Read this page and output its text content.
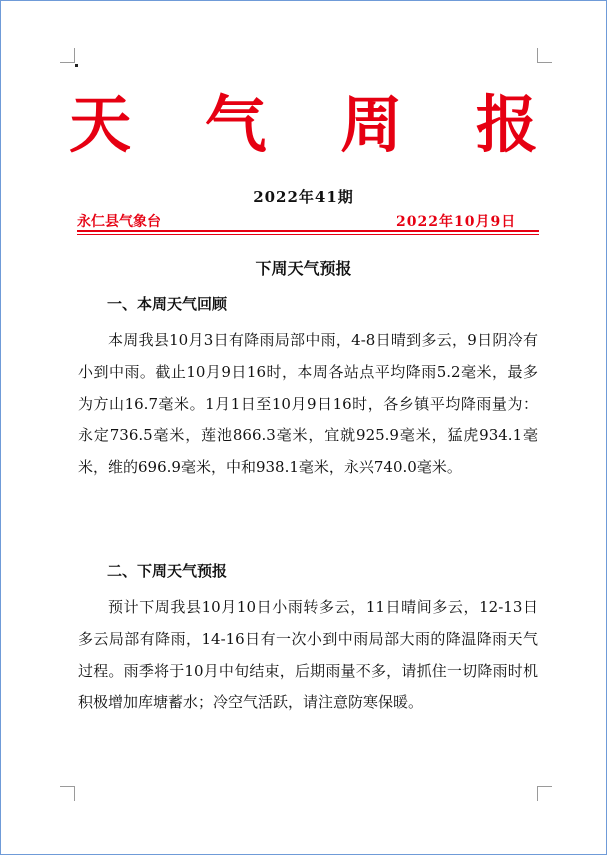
天 气 周 报
2022年41期
永仁县气象台	2022年10月9日
下周天气预报
一、本周天气回顾

本周我县10月3日有降雨局部中雨，4-8日晴到多云，9日阴冷有小到中雨。截止10月9日16时，本周各站点平均降雨5.2毫米，最多为方山16.7毫米。1月1日至10月9日16时，各乡镇平均降雨量为：永定736.5毫米，莲池866.3毫米，宜就925.9毫米，猛虎934.1毫米，维的696.9毫米，中和938.1毫米，永兴740.0毫米。

二、下周天气预报

预计下周我县10月10日小雨转多云，11日晴间多云，12-13日多云局部有降雨，14-16日有一次小到中雨局部大雨的降温降雨天气过程。雨季将于10月中旬结束，后期雨量不多，请抓住一切降雨时机积极增加库塘蓄水；冷空气活跃，请注意防寒保暖。
